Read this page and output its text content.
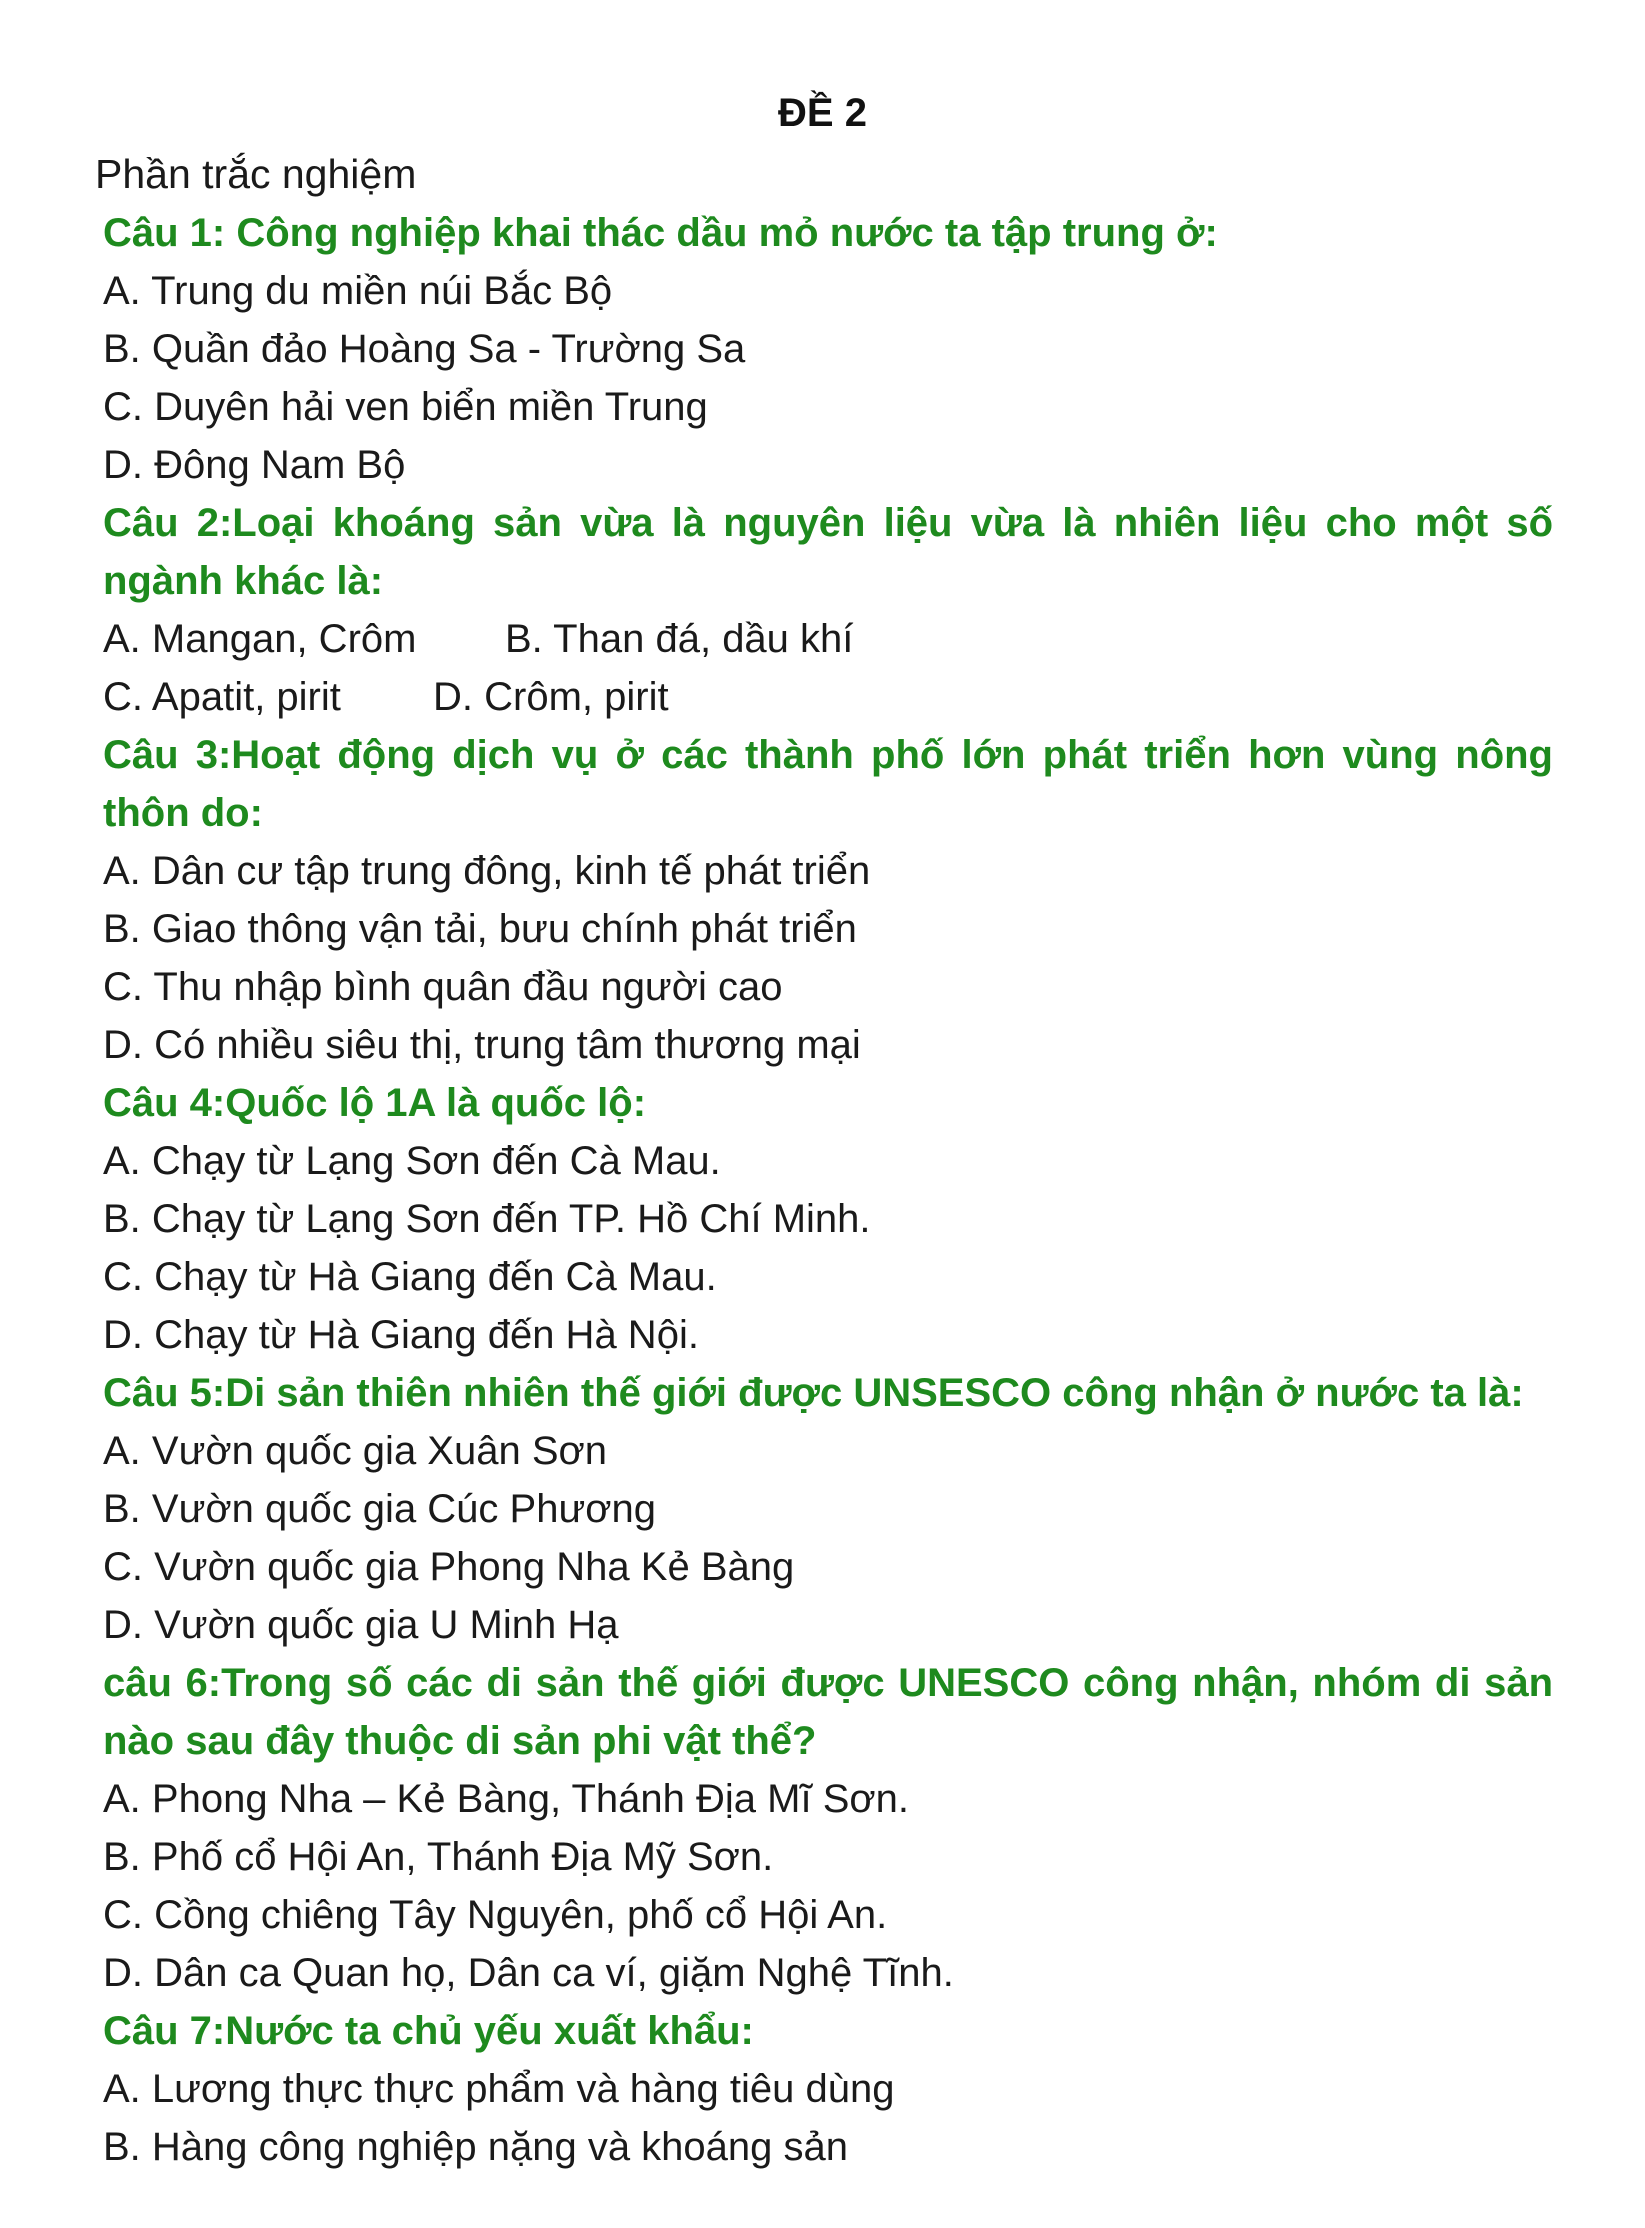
ĐỀ 2
Phần trắc nghiệm

Câu 1: Công nghiệp khai thác dầu mỏ nước ta tập trung ở:

A. Trung du miền núi Bắc Bộ

B. Quần đảo Hoàng Sa - Trường Sa

C. Duyên hải ven biển miền Trung

D. Đông Nam Bộ

Câu 2:Loại khoáng sản vừa là nguyên liệu vừa là nhiên liệu cho một số ngành khác là:

A. Mangan, Crôm	B. Than đá, dầu khí
C. Apatit, pirit	D. Crôm, pirit

Câu 3:Hoạt động dịch vụ ở các thành phố lớn phát triển hơn vùng nông thôn do:

A. Dân cư tập trung đông, kinh tế phát triển

B. Giao thông vận tải, bưu chính phát triển

C. Thu nhập bình quân đầu người cao

D. Có nhiều siêu thị, trung tâm thương mại

Câu 4:Quốc lộ 1A là quốc lộ:

A. Chạy từ Lạng Sơn đến Cà Mau.

B. Chạy từ Lạng Sơn đến TP. Hồ Chí Minh.

C. Chạy từ Hà Giang đến Cà Mau.

D. Chạy từ Hà Giang đến Hà Nội.

Câu 5:Di sản thiên nhiên thế giới được UNSESCO công nhận ở nước ta là:

A. Vườn quốc gia Xuân Sơn

B. Vườn quốc gia Cúc Phương

C. Vườn quốc gia Phong Nha Kẻ Bàng

D. Vườn quốc gia U Minh Hạ

câu 6:Trong số các di sản thế giới được UNESCO công nhận, nhóm di sản nào sau đây thuộc di sản phi vật thể?

A. Phong Nha – Kẻ Bàng, Thánh Địa Mĩ Sơn.

B. Phố cổ Hội An, Thánh Địa Mỹ Sơn.

C. Cồng chiêng Tây Nguyên, phố cổ Hội An.

D. Dân ca Quan họ, Dân ca ví, giặm Nghệ Tĩnh.

Câu 7:Nước ta chủ yếu xuất khẩu:

A. Lương thực thực phẩm và hàng tiêu dùng

B. Hàng công nghiệp nặng và khoáng sản
